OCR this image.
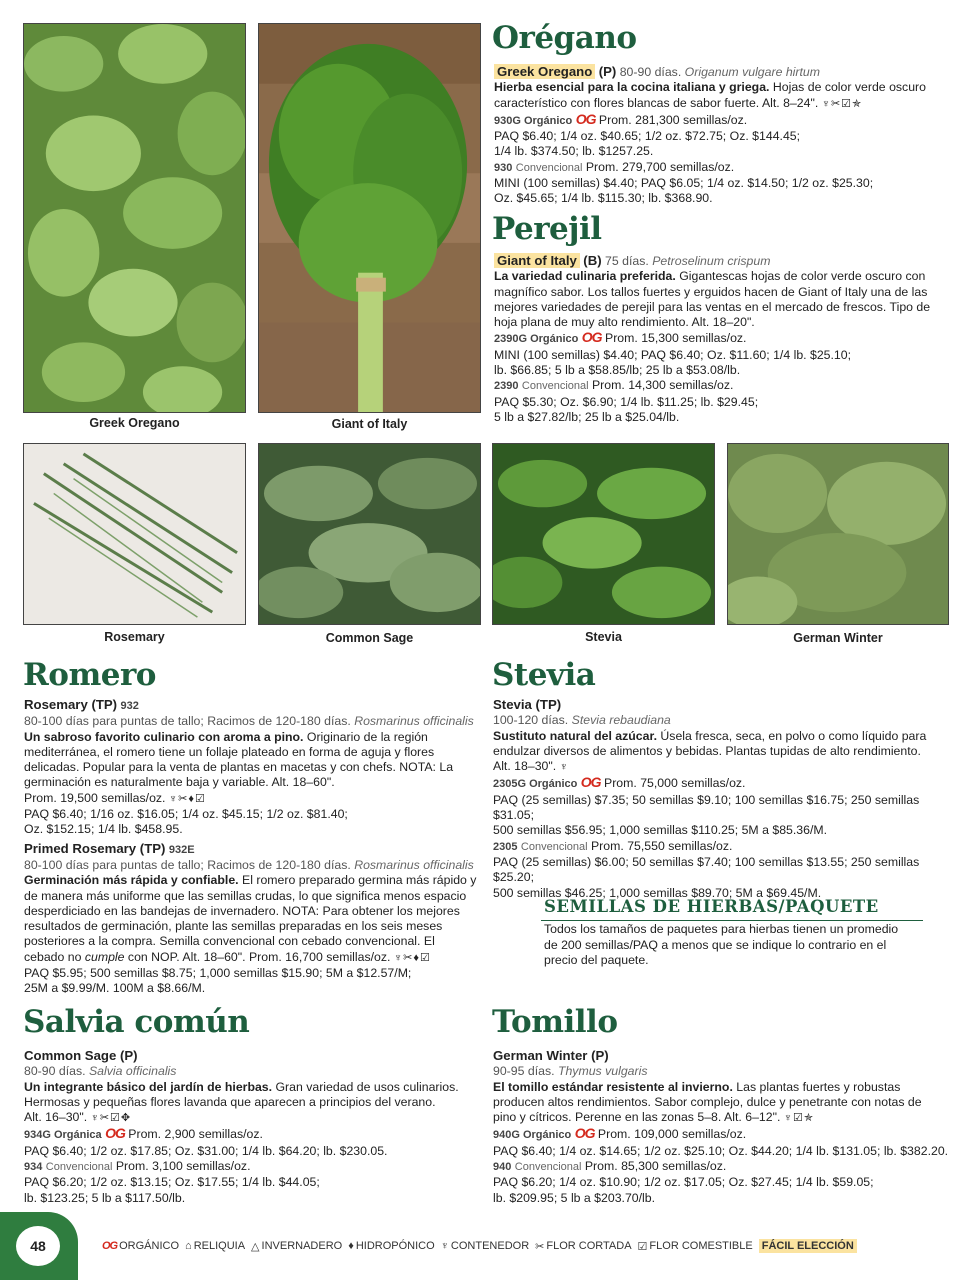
Greek Oregano	Giant of Italy
Rosemary	Common Sage	Stevia	German Winter
Orégano

Greek Oregano (P) 80-90 días. Origanum vulgare hirtum

Hierba esencial para la cocina italiana y griega. Hojas de color verde oscuro

característico con flores blancas de sabor fuerte. Alt. 8–24". ♆✂☑✯

930G Orgánico OG Prom. 281,300 semillas/oz.

PAQ $6.40; 1/4 oz. $40.65; 1/2 oz. $72.75; Oz. $144.45;

1/4 lb. $374.50; lb. $1257.25.

930 Convencional Prom. 279,700 semillas/oz.

MINI (100 semillas) $4.40; PAQ $6.05; 1/4 oz. $14.50; 1/2 oz. $25.30;

Oz. $45.65; 1/4 lb. $115.30; lb. $368.90.

Perejil

Giant of Italy (B) 75 días. Petroselinum crispum

La variedad culinaria preferida. Gigantescas hojas de color verde oscuro con

magnífico sabor. Los tallos fuertes y erguidos hacen de Giant of Italy una de las

mejores variedades de perejil para las ventas en el mercado de frescos. Tipo de

hoja plana de muy alto rendimiento. Alt. 18–20".

2390G Orgánico OG Prom. 15,300 semillas/oz.

MINI (100 semillas) $4.40; PAQ $6.40; Oz. $11.60; 1/4 lb. $25.10;

lb. $66.85; 5 lb a $58.85/lb; 25 lb a $53.08/lb.

2390 Convencional Prom. 14,300 semillas/oz.

PAQ $5.30; Oz. $6.90; 1/4 lb. $11.25; lb. $29.45;

5 lb a $27.82/lb; 25 lb a $25.04/lb.

Romero

Rosemary (TP) 932

80-100 días para puntas de tallo; Racimos de 120-180 días. Rosmarinus officinalis

Un sabroso favorito culinario con aroma a pino. Originario de la región

mediterránea, el romero tiene un follaje plateado en forma de aguja y flores

delicadas. Popular para la venta de plantas en macetas y con chefs. NOTA: La

germinación es naturalmente baja y variable. Alt. 18–60".

Prom. 19,500 semillas/oz. ♆✂♦☑

PAQ $6.40; 1/16 oz. $16.05; 1/4 oz. $45.15; 1/2 oz. $81.40;

Oz. $152.15; 1/4 lb. $458.95.

Primed Rosemary (TP) 932E

80-100 días para puntas de tallo; Racimos de 120-180 días. Rosmarinus officinalis

Germinación más rápida y confiable. El romero preparado germina más rápido y

de manera más uniforme que las semillas crudas, lo que significa menos espacio

desperdiciado en las bandejas de invernadero. NOTA: Para obtener los mejores

resultados de germinación, plante las semillas preparadas en los seis meses

posteriores a la compra. Semilla convencional con cebado convencional. El

cebado no cumple con NOP. Alt. 18–60". Prom. 16,700 semillas/oz. ♆✂♦☑

PAQ $5.95; 500 semillas $8.75; 1,000 semillas $15.90; 5M a $12.57/M;

25M a $9.99/M. 100M a $8.66/M.

Stevia

Stevia (TP)

100-120 días. Stevia rebaudiana

Sustituto natural del azúcar. Úsela fresca, seca, en polvo o como líquido para

endulzar diversos de alimentos y bebidas. Plantas tupidas de alto rendimiento.

Alt. 18–30". ♆

2305G Orgánico OG Prom. 75,000 semillas/oz.

PAQ (25 semillas) $7.35; 50 semillas $9.10; 100 semillas $16.75; 250 semillas $31.05;

500 semillas $56.95; 1,000 semillas $110.25; 5M a $85.36/M.

2305 Convencional Prom. 75,550 semillas/oz.

PAQ (25 semillas) $6.00; 50 semillas $7.40; 100 semillas $13.55; 250 semillas $25.20;

500 semillas $46.25; 1,000 semillas $89.70; 5M a $69.45/M.

SEMILLAS DE HIERBAS/PAQUETE

Todos los tamaños de paquetes para hierbas tienen un promedio

de 200 semillas/PAQ a menos que se indique lo contrario en el

precio del paquete.

Salvia común

Common Sage (P)

80-90 días. Salvia officinalis

Un integrante básico del jardín de hierbas. Gran variedad de usos culinarios.

Hermosas y pequeñas flores lavanda que aparecen a principios del verano.

Alt. 16–30". ♆✂☑✥

934G Orgánica OG Prom. 2,900 semillas/oz.

PAQ $6.40; 1/2 oz. $17.85; Oz. $31.00; 1/4 lb. $64.20; lb. $230.05.

934 Convencional Prom. 3,100 semillas/oz.

PAQ $6.20; 1/2 oz. $13.15; Oz. $17.55; 1/4 lb. $44.05;

lb. $123.25; 5 lb a $117.50/lb.

Tomillo

German Winter (P)

90-95 días. Thymus vulgaris

El tomillo estándar resistente al invierno. Las plantas fuertes y robustas

producen altos rendimientos. Sabor complejo, dulce y penetrante con notas de

pino y cítricos. Perenne en las zonas 5–8. Alt. 6–12". ♆☑✯

940G Orgánico OG Prom. 109,000 semillas/oz.

PAQ $6.40; 1/4 oz. $14.65; 1/2 oz. $25.10; Oz. $44.20; 1/4 lb. $131.05; lb. $382.20.

940 Convencional Prom. 85,300 semillas/oz.

PAQ $6.20; 1/4 oz. $10.90; 1/2 oz. $17.05; Oz. $27.45; 1/4 lb. $59.05;

lb. $209.95; 5 lb a $203.70/lb.

48	OG ORGÁNICO ⌂ RELIQUIA △ INVERNADERO ♦ HIDROPÓNICO ♆ CONTENEDOR ✂ FLOR CORTADA ☑ FLOR COMESTIBLE FÁCIL ELECCIÓN
